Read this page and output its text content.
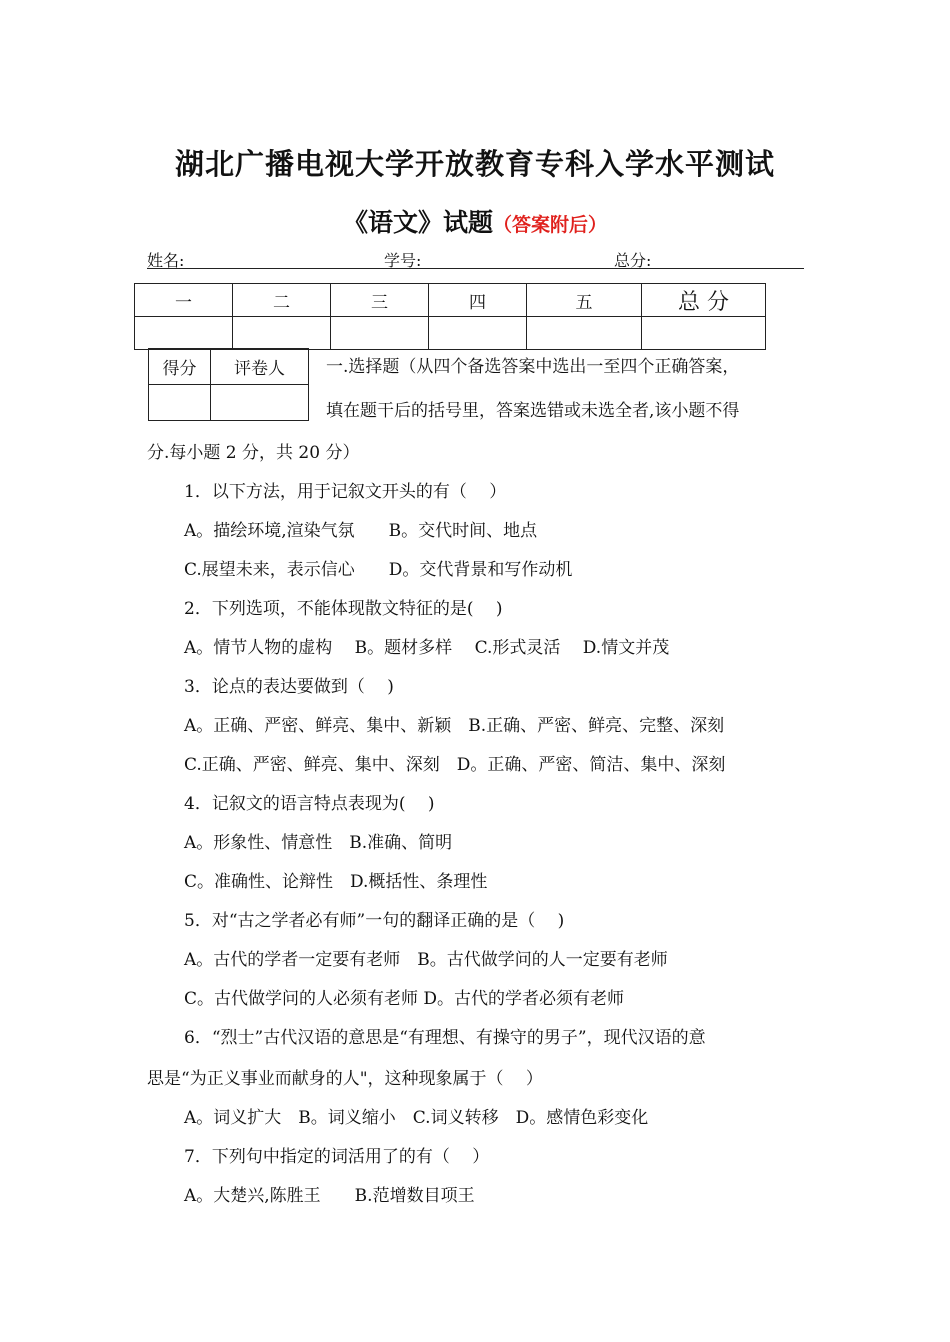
湖北广播电视大学开放教育专科入学水平测试
《语文》试题（答案附后）
姓名:	学号:	总分:
一	二	三	四	五	总 分

得分	评卷人
	一.选择题（从四个备选答案中选出一至四个正确答案，
填在题干后的括号里，答案选错或未选全者,该小题不得
分.每小题 2 分，共 20 分）
1．以下方法，用于记叙文开头的有（　 ）
A。描绘环境,渲染气氛　　B。交代时间、地点
C.展望未来，表示信心　　D。交代背景和写作动机
2．下列选项，不能体现散文特征的是(　 )
A。情节人物的虚构　 B。题材多样　 C.形式灵活　 D.情文并茂
3．论点的表达要做到（　 )
A。正确、严密、鲜亮、集中、新颖　B.正确、严密、鲜亮、完整、深刻
C.正确、严密、鲜亮、集中、深刻　D。正确、严密、简洁、集中、深刻
4．记叙文的语言特点表现为(　 )
A。形象性、情意性　B.准确、简明
C。准确性、论辩性　D.概括性、条理性
5．对“古之学者必有师”一句的翻译正确的是（　 )
A。古代的学者一定要有老师　B。古代做学问的人一定要有老师
C。古代做学问的人必须有老师 D。古代的学者必须有老师
6．“烈士”古代汉语的意思是“有理想、有操守的男子”，现代汉语的意
思是“为正义事业而献身的人"，这种现象属于（　 ）
A。词义扩大　B。词义缩小　C.词义转移　D。感情色彩变化
7．下列句中指定的词活用了的有（　 ）
A。大楚兴,陈胜王　　B.范增数目项王
